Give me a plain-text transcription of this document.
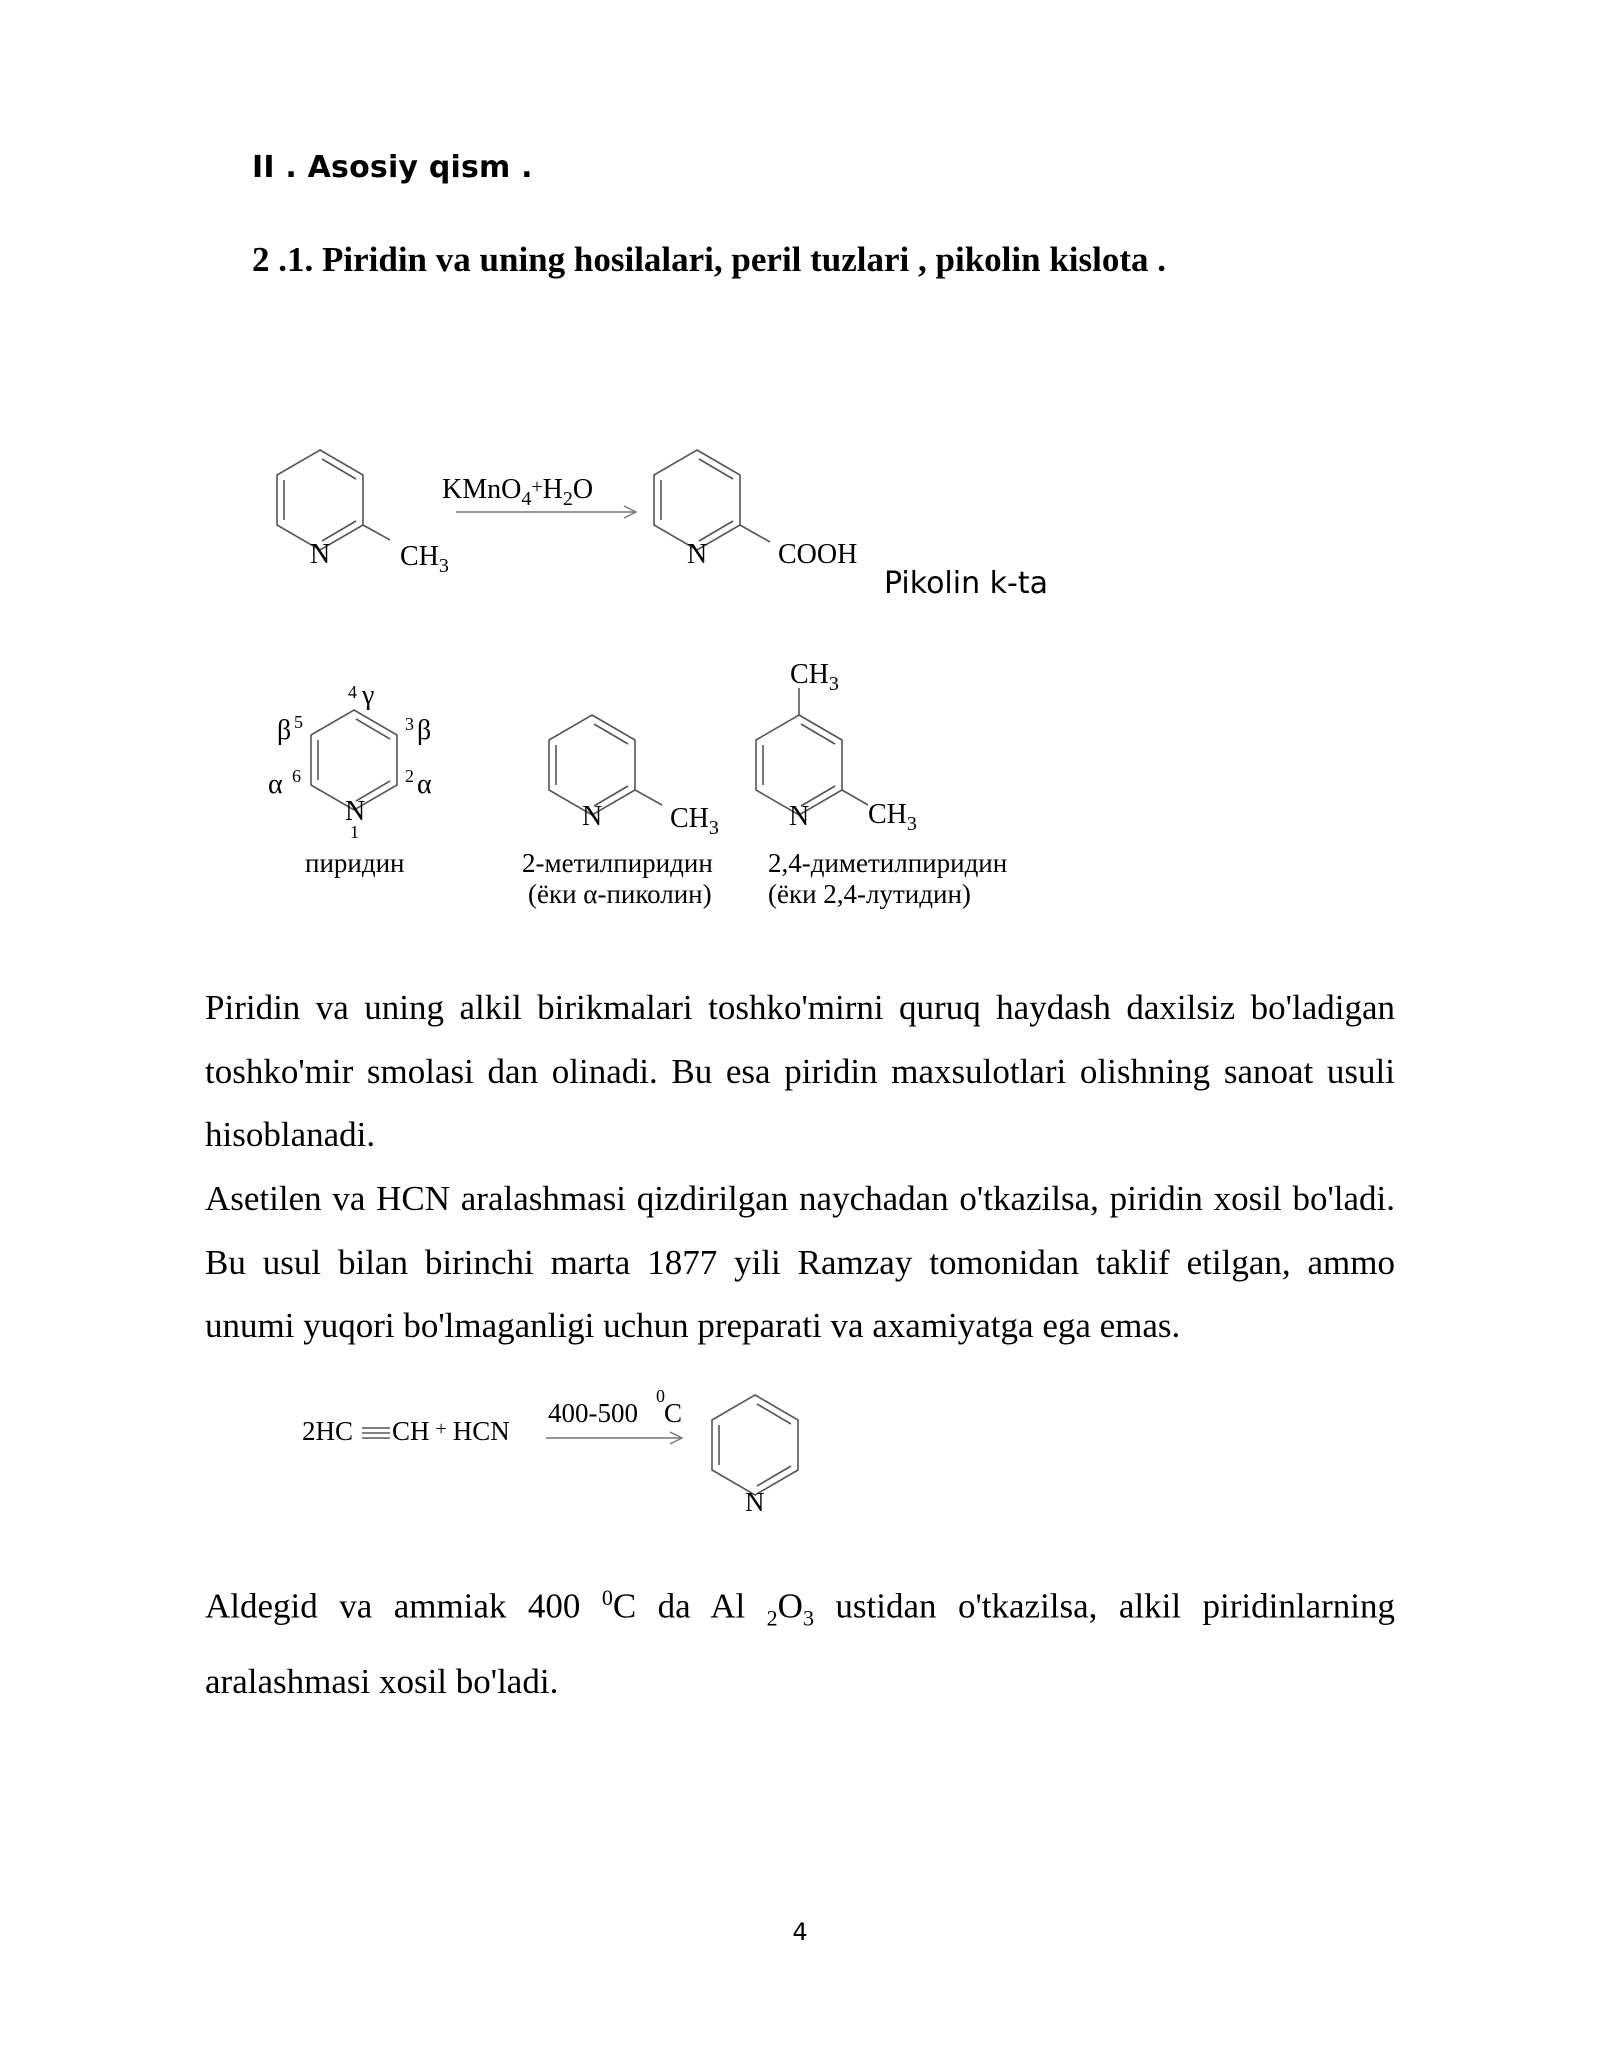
II . Asosiy qism .
2 .1. Piridin va uning hosilalari, peril tuzlari , pikolin kislota .
N $CH_3$
$KMnO_4^+H_2O$
N	COOH
Pikolin k-ta
N
1
4 γ
β 5	3 β
α 6	2 α
пиридин
N $CH_3$
2-метилпиридин
(ёки α-пиколин)
N
$CH_3$
$CH_3$
2,4-диметилпиридин
(ёки 2,4-лутидин)
Piridin va uning alkil birikmalari toshko'mirni quruq haydash daxilsiz bo'ladigan toshko'mir smolasi dan olinadi. Bu esa piridin maxsulotlari olishning sanoat usuli hisoblanadi.
Asetilen va HCN aralashmasi qizdirilgan naychadan o'tkazilsa, piridin xosil bo'ladi. Bu usul bilan birinchi marta 1877 yili Ramzay tomonidan taklif etilgan, ammo unumi yuqori bo'lmaganligi uchun preparati va axamiyatga ega emas.
2HC CH + HCN
400-500
0
C
N
Aldegid va ammiak 400 $^0$C da Al $_2O_3$ ustidan o'tkazilsa, alkil piridinlarning aralashmasi xosil bo'ladi.
4
